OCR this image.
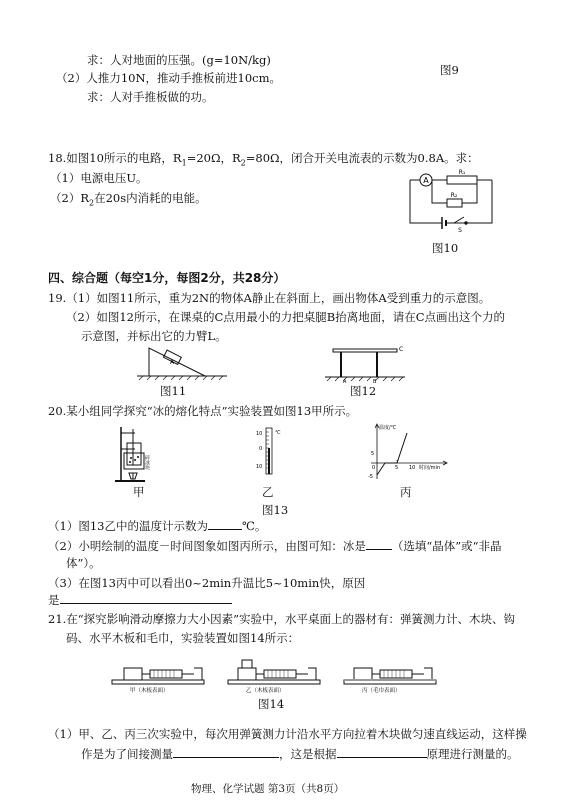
求：人对地面的压强。(g=10N/kg)
图9
（2）人推力10N，推动手推板前进10cm。
求：人对手推板做的功。
18.如图10所示的电路，$R_1=20\Omega$，$R_2=80\Omega$，闭合开关电流表的示数为0.8A。求：
（1）电源电压U。
$(2)R_2$在20s内消耗的电能。
A
R₁
R₂
S
图10
四、综合题（每空1分，每图2分，共28分）
19.（1）如图11所示，重为2N的物体A静止在斜面上，画出物体A受到重力的示意图。
（2）如图12所示，在课桌的C点用最小的力把桌腿B抬离地面，请在C点画出这个力的
示意图，并标出它的力臂L。
A
图11
A	B
C
图12
20.某小组同学探究“冰的熔化特点”实验装置如图13甲所示。
碎冰块
甲
℃
10
0
10
乙
温度/℃
时间/min
0	5 10
5
-5
丙
图13
（1）图13乙中的温度计示数为	℃。
（2）小明绘制的温度－时间图象如图丙所示，由图可知：冰是 （选填“晶体”或“非晶
体”）。
（3）在图13丙中可以看出0~2min升温比5~10min快，原因
是
21.在“探究影响滑动摩擦力大小因素”实验中，水平桌面上的器材有：弹簧测力计、木块、钩
码、水平木板和毛巾，实验装置如图14所示：
甲（木板表面）	乙（木板表面）	丙（毛巾表面）
图14
（1）甲、乙、丙三次实验中，每次用弹簧测力计沿水平方向拉着木块做匀速直线运动，这样操
作是为了间接测量	，这是根据	原理进行测量的。
物理、化学试题 第3页（共8页）
